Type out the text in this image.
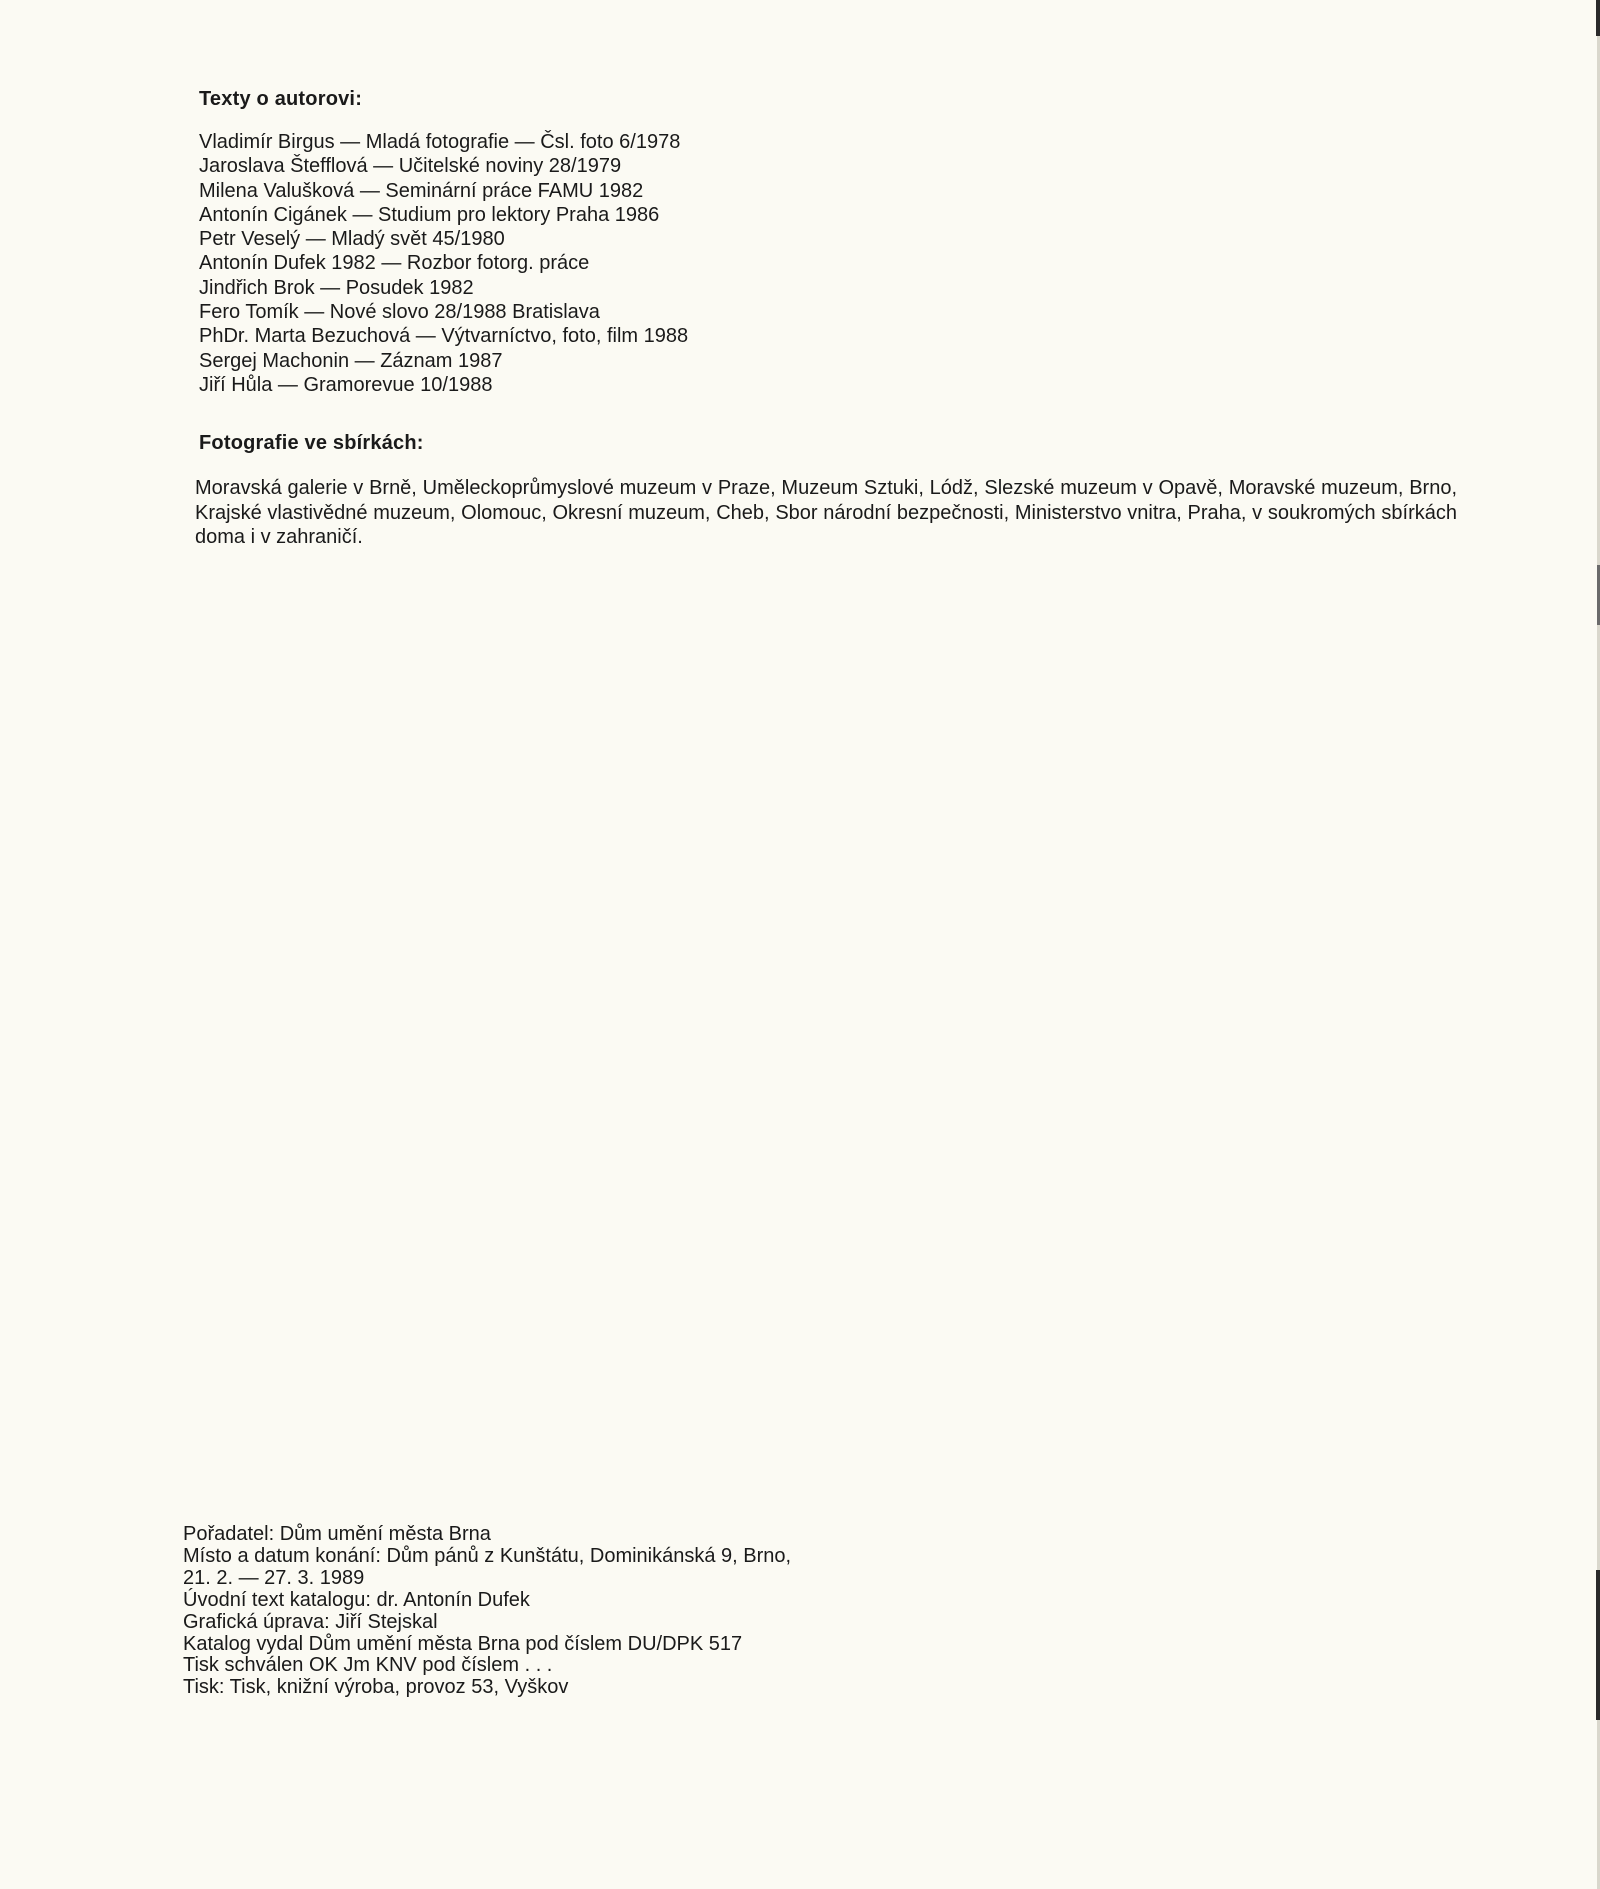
Texty o autorovi:
Vladimír Birgus — Mladá fotografie — Čsl. foto 6/1978
Jaroslava Štefflová — Učitelské noviny 28/1979
Milena Valušková — Seminární práce FAMU 1982
Antonín Cigánek — Studium pro lektory Praha 1986
Petr Veselý — Mladý svět 45/1980
Antonín Dufek 1982 — Rozbor fotorg. práce
Jindřich Brok — Posudek 1982
Fero Tomík — Nové slovo 28/1988 Bratislava
PhDr. Marta Bezuchová — Výtvarníctvo, foto, film 1988
Sergej Machonin — Záznam 1987
Jiří Hůla — Gramorevue 10/1988
Fotografie ve sbírkách:

Moravská galerie v Brně, Uměleckoprůmyslové muzeum v Praze, Muzeum Sztuki, Lódž, Slezské muzeum v Opavě, Moravské muzeum, Brno, Krajské vlastivědné muzeum, Olomouc, Okresní muzeum, Cheb, Sbor národní bezpečnosti, Ministerstvo vnitra, Praha, v soukromých sbírkách doma i v zahraničí.

Pořadatel: Dům umění města Brna
Místo a datum konání: Dům pánů z Kunštátu, Dominikánská 9, Brno,
21. 2. — 27. 3. 1989
Úvodní text katalogu: dr. Antonín Dufek
Grafická úprava: Jiří Stejskal
Katalog vydal Dům umění města Brna pod číslem DU/DPK 517
Tisk schválen OK Jm KNV pod číslem . . .
Tisk: Tisk, knižní výroba, provoz 53, Vyškov
